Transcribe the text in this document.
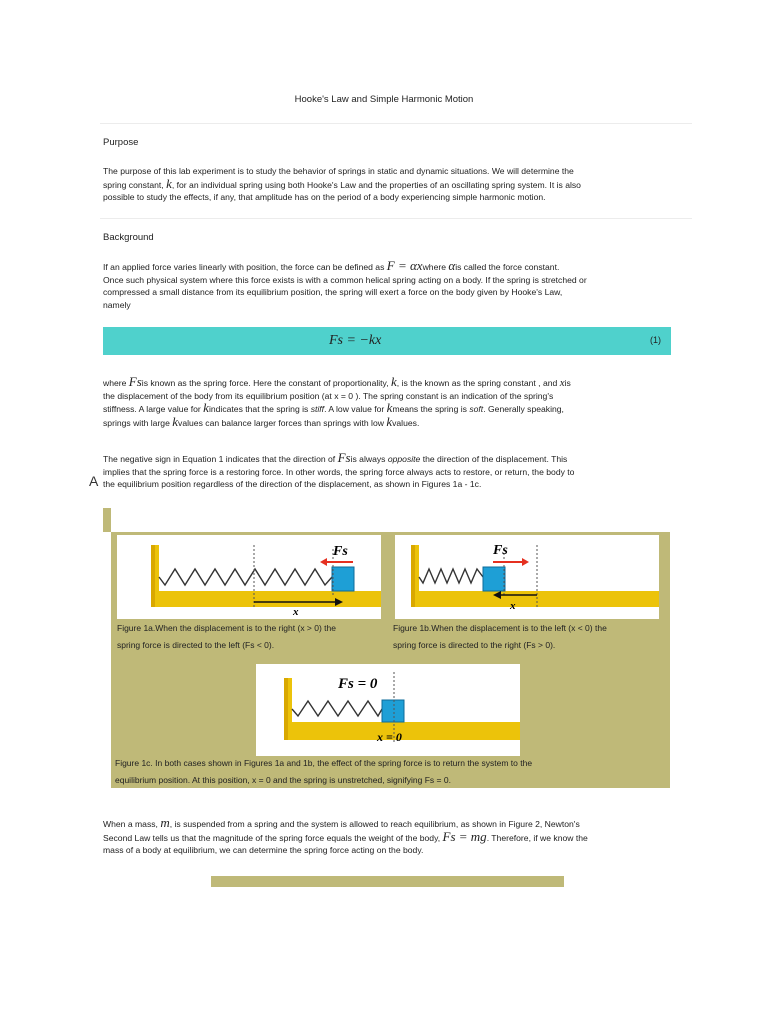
Hooke's Law and Simple Harmonic Motion
Purpose
The purpose of this lab experiment is to study the behavior of springs in static and dynamic situations. We will determine the
spring constant, k, for an individual spring using both Hooke's Law and the properties of an oscillating spring system. It is also
possible to study the effects, if any, that amplitude has on the period of a body experiencing simple harmonic motion.
Background
If an applied force varies linearly with position, the force can be defined as F = αxwhere αis called the force constant.
Once such physical system where this force exists is with a common helical spring acting on a body. If the spring is stretched or
compressed a small distance from its equilibrium position, the spring will exert a force on the body given by Hooke's Law,
namely
Fs = −kx	(1)
where Fsis known as the spring force. Here the constant of proportionality, k, is the known as the spring constant , and xis
the displacement of the body from its equilibrium position (at x = 0 ). The spring constant is an indication of the spring's
stiffness. A large value for kindicates that the spring is stiff. A low value for kmeans the spring is soft. Generally speaking,
springs with large kvalues can balance larger forces than springs with low kvalues.
The negative sign in Equation 1 indicates that the direction of Fsis always opposite the direction of the displacement. This
implies that the spring force is a restoring force. In other words, the spring force always acts to restore, or return, the body to
the equilibrium position regardless of the direction of the displacement, as shown in Figures 1a - 1c.
A
Fs
x
Figure 1a.When the displacement is to the right (x > 0) the
spring force is directed to the left (Fs < 0).
Fs
x
Figure 1b.When the displacement is to the left (x < 0) the
spring force is directed to the right (Fs > 0).
Fs = 0
x = 0
Figure 1c. In both cases shown in Figures 1a and 1b, the effect of the spring force is to return the system to the
equilibrium position. At this position, x = 0 and the spring is unstretched, signifying Fs = 0.
When a mass, m, is suspended from a spring and the system is allowed to reach equilibrium, as shown in Figure 2, Newton's
Second Law tells us that the magnitude of the spring force equals the weight of the body, Fs = mg. Therefore, if we know the
mass of a body at equilibrium, we can determine the spring force acting on the body.
